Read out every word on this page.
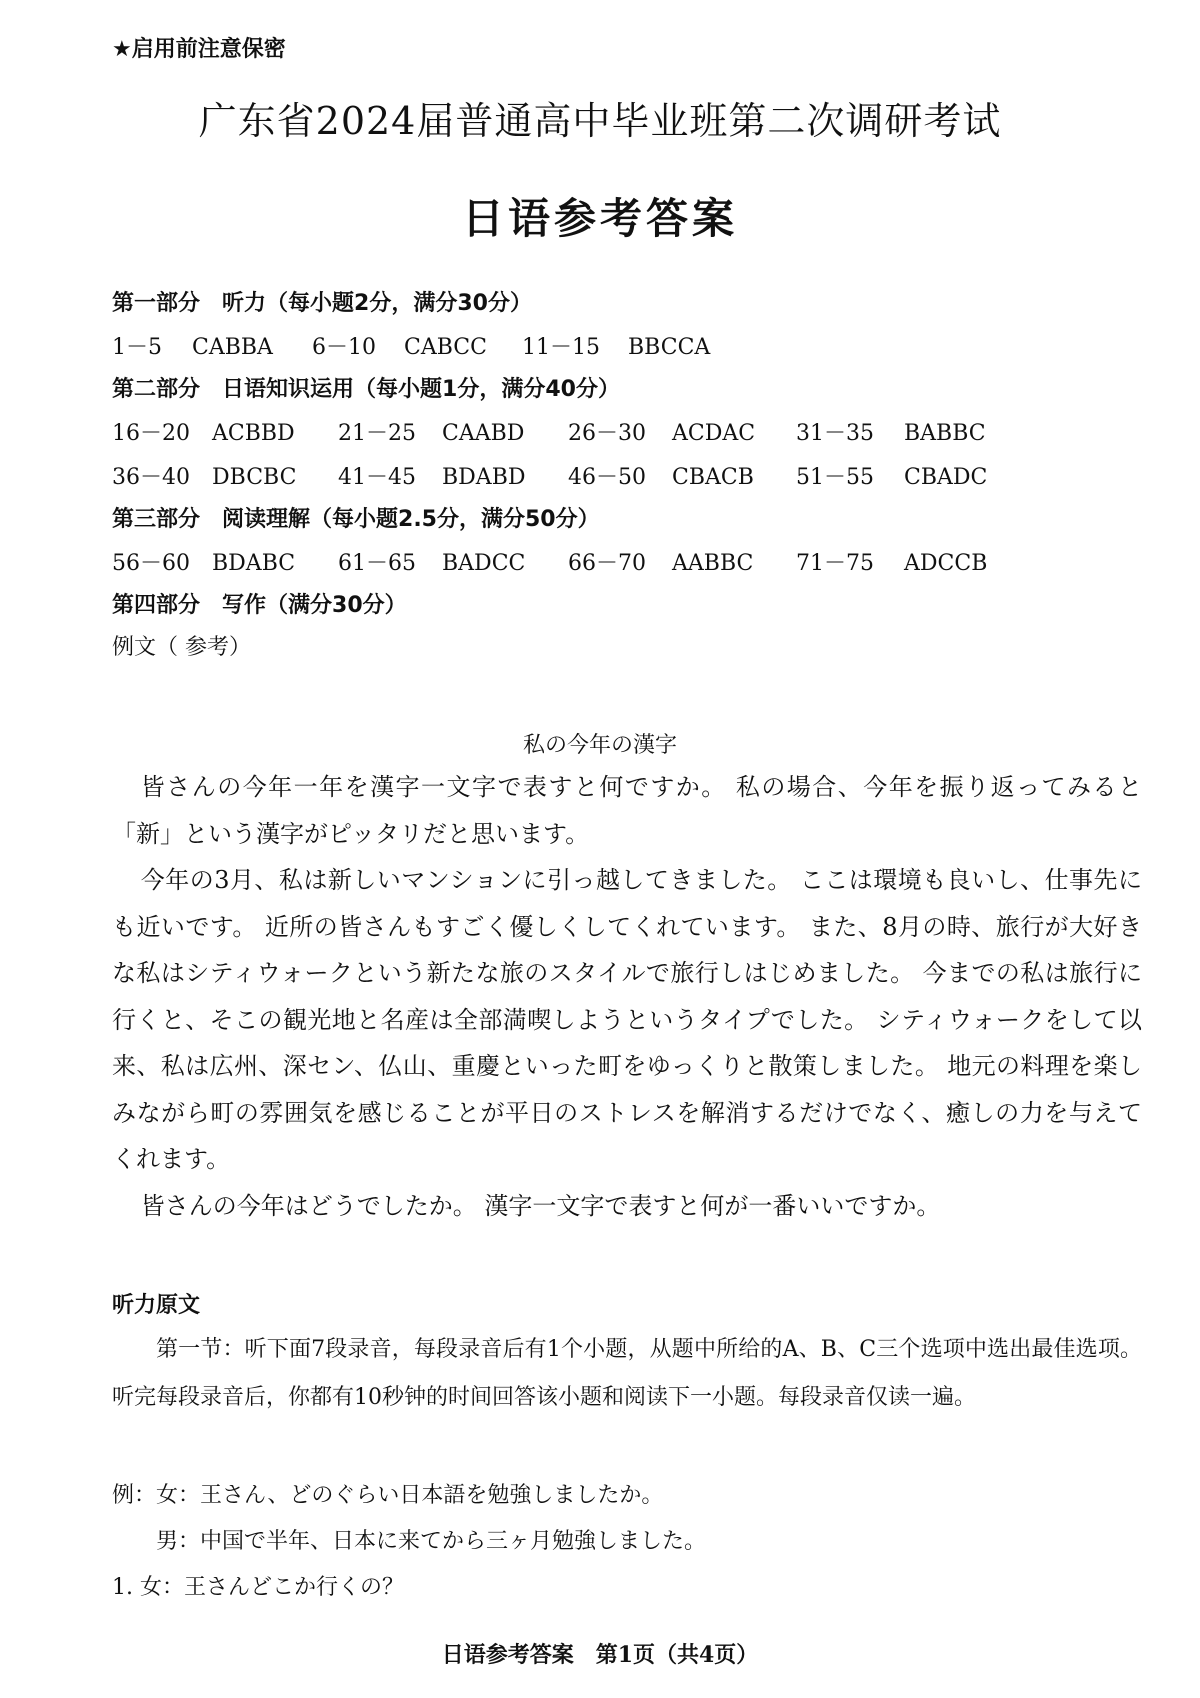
★启用前注意保密
广东省2024届普通高中毕业班第二次调研考试
日语参考答案
第一部分 听力（每小题2分，满分30分）
1－5 CABBA 6－10 CABCC 11－15 BBCCA
第二部分 日语知识运用（每小题1分，满分40分）
16－20 ACBBD 21－25 CAABD 26－30 ACDAC 31－35 BABBC
36－40 DBCBC 41－45 BDABD 46－50 CBACB 51－55 CBADC
第三部分 阅读理解（每小题2.5分，满分50分）
56－60 BDABC 61－65 BADCC 66－70 AABBC 71－75 ADCCB
第四部分 写作（满分30分）
例文（ 参考）
私の今年の漢字

皆さんの今年一年を漢字一文字で表すと何ですか。 私の場合、今年を振り返ってみると「新」という漢字がピッタリだと思います。

今年の3月、私は新しいマンションに引っ越してきました。 ここは環境も良いし、仕事先にも近いです。 近所の皆さんもすごく優しくしてくれています。 また、8月の時、旅行が大好きな私はシティウォークという新たな旅のスタイルで旅行しはじめました。 今までの私は旅行に行くと、そこの観光地と名産は全部満喫しようというタイプでした。 シティウォークをして以来、私は広州、深セン、仏山、重慶といった町をゆっくりと散策しました。 地元の料理を楽しみながら町の雰囲気を感じることが平日のストレスを解消するだけでなく、癒しの力を与えてくれます。

皆さんの今年はどうでしたか。 漢字一文字で表すと何が一番いいですか。

听力原文

第一节：听下面7段录音，每段录音后有1个小题，从题中所给的A、B、C三个选项中选出最佳选项。听完每段录音后，你都有10秒钟的时间回答该小题和阅读下一小题。每段录音仅读一遍。

例：女：王さん、どのぐらい日本語を勉強しましたか。
男：中国で半年、日本に来てから三ヶ月勉強しました。
1. 女：王さんどこか行くの？
日语参考答案　第1页（共4页）
